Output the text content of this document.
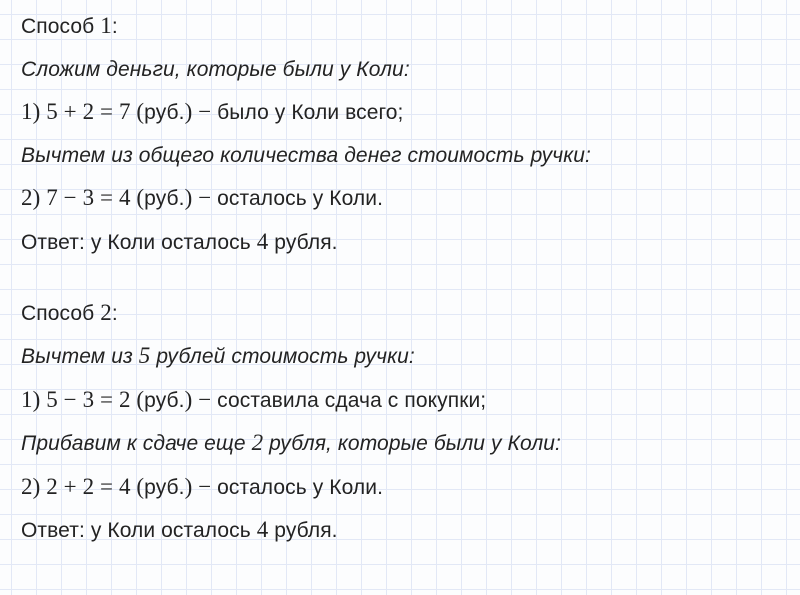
Способ 1:
Сложим деньги, которые были у Коли:
1) 5 + 2 = 7 (руб.) − было у Коли всего;
Вычтем из общего количества денег стоимость ручки:
2) 7 − 3 = 4 (руб.) − осталось у Коли.
Ответ: у Коли осталось 4 рубля.
Способ 2:
Вычтем из 5 рублей стоимость ручки:
1) 5 − 3 = 2 (руб.) − составила сдача с покупки;
Прибавим к сдаче еще 2 рубля, которые были у Коли:
2) 2 + 2 = 4 (руб.) − осталось у Коли.
Ответ: у Коли осталось 4 рубля.
